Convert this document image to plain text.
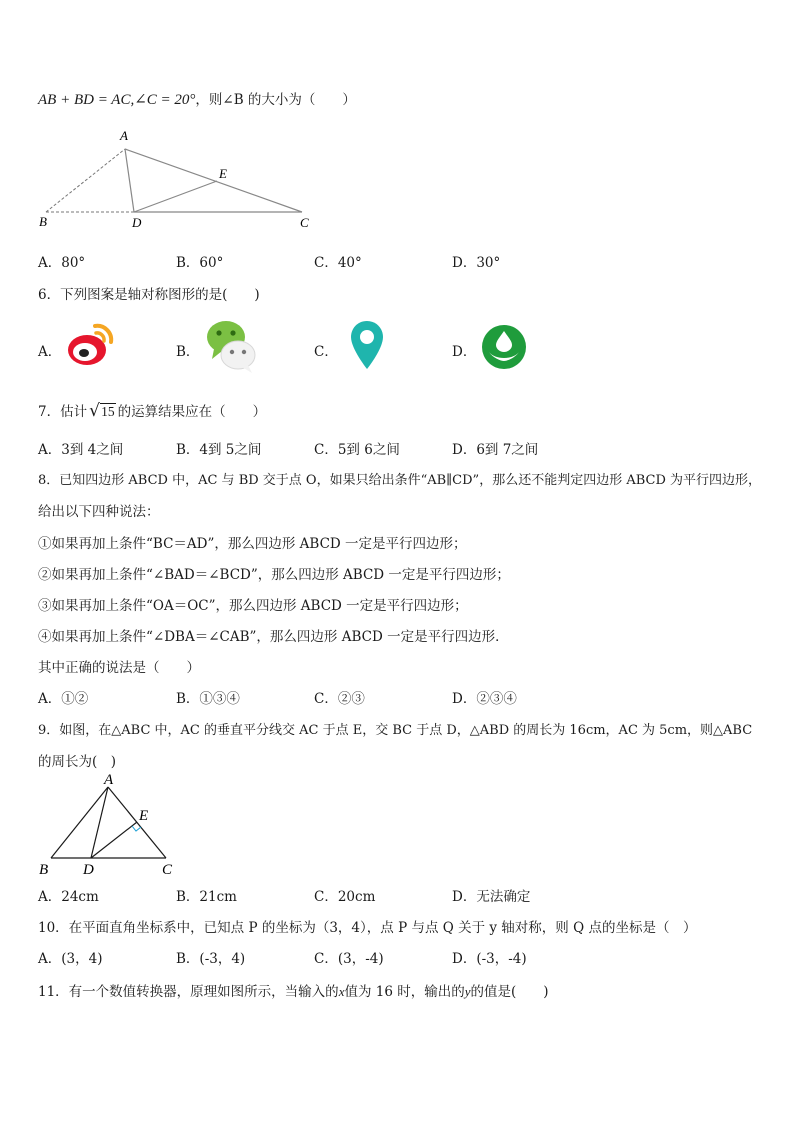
AB + BD = AC,∠C = 20°，则∠B 的大小为（　　）
A
B	D	C
E
A．80°	B．60°	C．40°	D．30°
6．下列图案是轴对称图形的是(　　)
A．	B．	C．	D．
7．估计 √ 15 的运算结果应在（　　）
A．3到 4之间	B．4到 5之间	C．5到 6之间	D．6到 7之间
8．已知四边形 ABCD 中，AC 与 BD 交于点 O，如果只给出条件“AB∥CD”，那么还不能判定四边形 ABCD 为平行四边形，
给出以下四种说法：
①如果再加上条件“BC＝AD”，那么四边形 ABCD 一定是平行四边形；
②如果再加上条件“∠BAD＝∠BCD”，那么四边形 ABCD 一定是平行四边形；
③如果再加上条件“OA＝OC”，那么四边形 ABCD 一定是平行四边形；
④如果再加上条件“∠DBA＝∠CAB”，那么四边形 ABCD 一定是平行四边形．
其中正确的说法是（　　）
A．①②	B．①③④	C．②③	D．②③④
9．如图，在△ABC 中，AC 的垂直平分线交 AC 于点 E，交 BC 于点 D，△ABD 的周长为 16cm，AC 为 5cm，则△ABC
的周长为(　)
A
B D	C
E
A．24cm	B．21cm	C．20cm	D．无法确定
10．在平面直角坐标系中，已知点 P 的坐标为（3，4），点 P 与点 Q 关于 y 轴对称，则 Q 点的坐标是（　）
A．(3，4)	B．(-3，4)	C．(3，-4)	D．(-3，-4)
11．有一个数值转换器，原理如图所示，当输入的x值为 16 时，输出的y的值是(　　)
